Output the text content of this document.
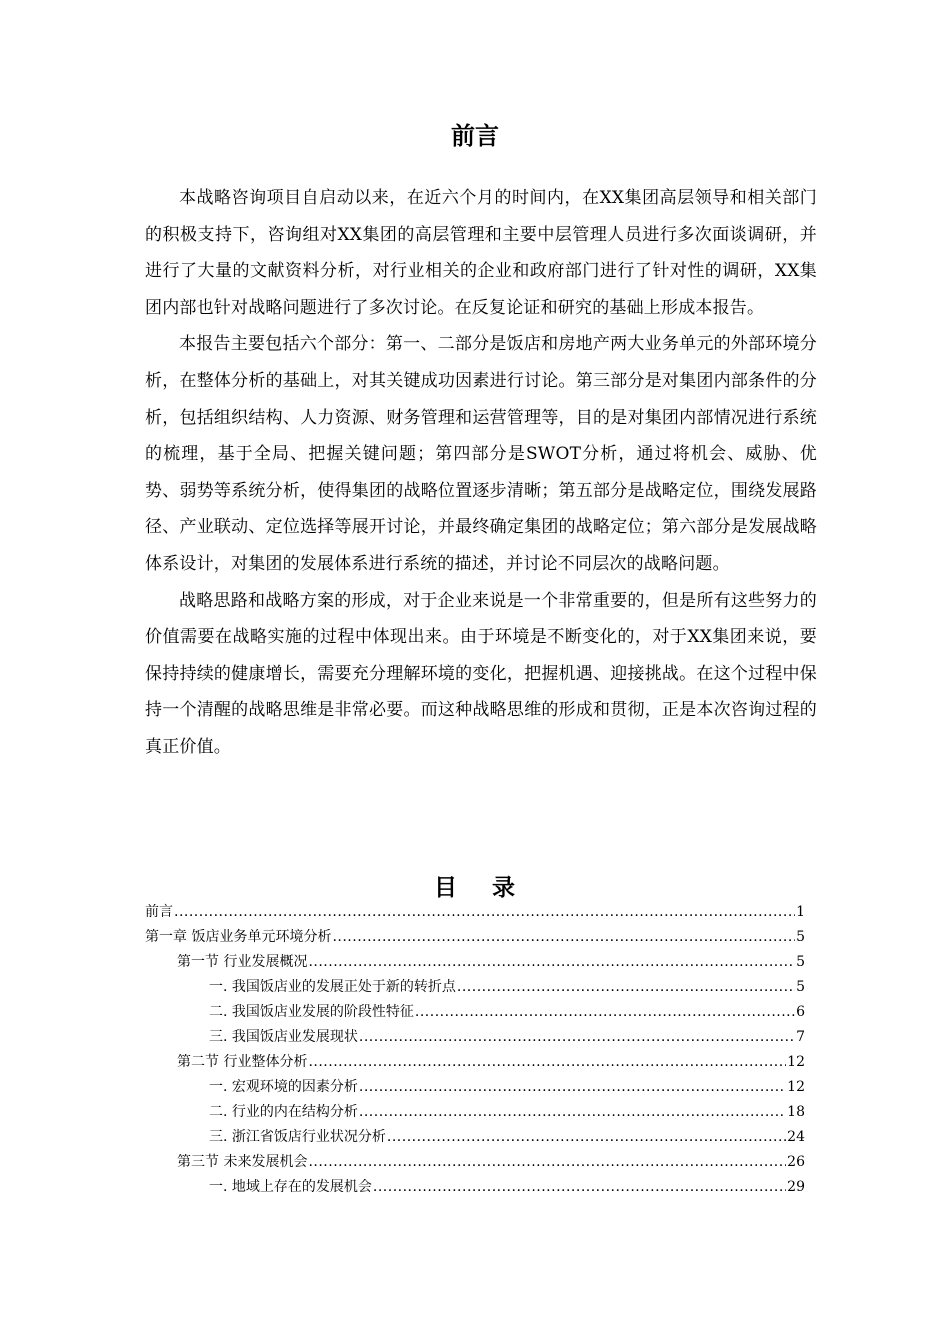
前言

本战略咨询项目自启动以来，在近六个月的时间内，在XX集团高层领导和相关部门的积极支持下，咨询组对XX集团的高层管理和主要中层管理人员进行多次面谈调研，并进行了大量的文献资料分析，对行业相关的企业和政府部门进行了针对性的调研，XX集团内部也针对战略问题进行了多次讨论。在反复论证和研究的基础上形成本报告。

本报告主要包括六个部分：第一、二部分是饭店和房地产两大业务单元的外部环境分析，在整体分析的基础上，对其关键成功因素进行讨论。第三部分是对集团内部条件的分析，包括组织结构、人力资源、财务管理和运营管理等，目的是对集团内部情况进行系统的梳理，基于全局、把握关键问题；第四部分是SWOT分析，通过将机会、威胁、优势、弱势等系统分析，使得集团的战略位置逐步清晰；第五部分是战略定位，围绕发展路径、产业联动、定位选择等展开讨论，并最终确定集团的战略定位；第六部分是发展战略体系设计，对集团的发展体系进行系统的描述，并讨论不同层次的战略问题。

战略思路和战略方案的形成，对于企业来说是一个非常重要的，但是所有这些努力的价值需要在战略实施的过程中体现出来。由于环境是不断变化的，对于XX集团来说，要保持持续的健康增长，需要充分理解环境的变化，把握机遇、迎接挑战。在这个过程中保持一个清醒的战略思维是非常必要。而这种战略思维的形成和贯彻，正是本次咨询过程的真正价值。

目 录
前言 .....	1
第一章 饭店业务单元环境分析 .....	5
第一节 行业发展概况 .....	5
一. 我国饭店业的发展正处于新的转折点 .....	5
二. 我国饭店业发展的阶段性特征 .....	6
三. 我国饭店业发展现状 .....	7
第二节 行业整体分析 .....	12
一. 宏观环境的因素分析 .....	12
二. 行业的内在结构分析 .....	18
三. 浙江省饭店行业状况分析 .....	24
第三节 未来发展机会 .....	26
一. 地域上存在的发展机会 .....	29
